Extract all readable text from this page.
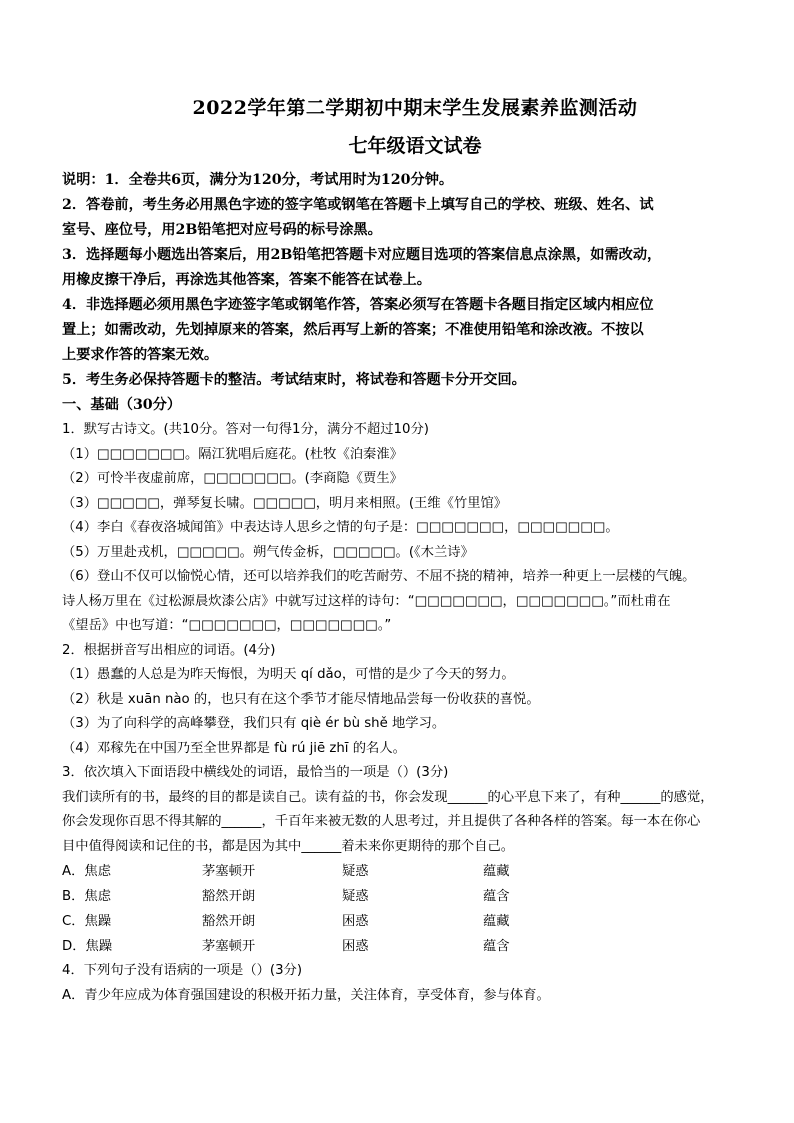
2022学年第二学期初中期末学生发展素养监测活动
七年级语文试卷
说明：1．全卷共6页，满分为120分，考试用时为120分钟。
2．答卷前，考生务必用黑色字迹的签字笔或钢笔在答题卡上填写自己的学校、班级、姓名、试
室号、座位号，用2B铅笔把对应号码的标号涂黑。
3．选择题每小题选出答案后，用2B铅笔把答题卡对应题目选项的答案信息点涂黑，如需改动，
用橡皮擦干净后，再涂选其他答案，答案不能答在试卷上。
4．非选择题必须用黑色字迹签字笔或钢笔作答，答案必须写在答题卡各题目指定区域内相应位
置上；如需改动，先划掉原来的答案，然后再写上新的答案；不准使用铅笔和涂改液。不按以
上要求作答的答案无效。
5．考生务必保持答题卡的整洁。考试结束时，将试卷和答题卡分开交回。
一、基础（30分）
1．默写古诗文。(共10分。答对一句得1分，满分不超过10分)
（1）□□□□□□□。隔江犹唱后庭花。(杜牧《泊秦淮》
（2）可怜半夜虚前席，□□□□□□□。(李商隐《贾生》
（3）□□□□□，弹琴复长啸。□□□□□，明月来相照。(王维《竹里馆》
（4）李白《春夜洛城闻笛》中表达诗人思乡之情的句子是：□□□□□□□，□□□□□□□。
（5）万里赴戎机，□□□□□。朔气传金柝，□□□□□。(《木兰诗》
（6）登山不仅可以愉悦心情，还可以培养我们的吃苦耐劳、不屈不挠的精神，培养一种更上一层楼的气魄。
诗人杨万里在《过松源晨炊漆公店》中就写过这样的诗句：“□□□□□□□，□□□□□□□。”而杜甫在
《望岳》中也写道：“□□□□□□□，□□□□□□□。”
2．根据拼音写出相应的词语。(4分)
（1）愚蠢的人总是为昨天悔恨，为明天 qí dǎo，可惜的是少了今天的努力。
（2）秋是 xuān nào 的，也只有在这个季节才能尽情地品尝每一份收获的喜悦。
（3）为了向科学的高峰攀登，我们只有 qiè ér bù shě 地学习。
（4）邓稼先在中国乃至全世界都是 fù rú jiē zhī 的名人。
3．依次填入下面语段中横线处的词语，最恰当的一项是（）(3分)
我们读所有的书，最终的目的都是读自己。读有益的书，你会发现______的心平息下来了，有种______的感觉，
你会发现你百思不得其解的______，千百年来被无数的人思考过，并且提供了各种各样的答案。每一本在你心
目中值得阅读和记住的书，都是因为其中______着未来你更期待的那个自己。
A．焦虑	茅塞顿开	疑惑	蕴藏
B．焦虑	豁然开朗	疑惑	蕴含
C．焦躁	豁然开朗	困惑	蕴藏
D．焦躁	茅塞顿开	困惑	蕴含
4．下列句子没有语病的一项是（）(3分)
A．青少年应成为体育强国建设的积极开拓力量，关注体育，享受体育，参与体育。
